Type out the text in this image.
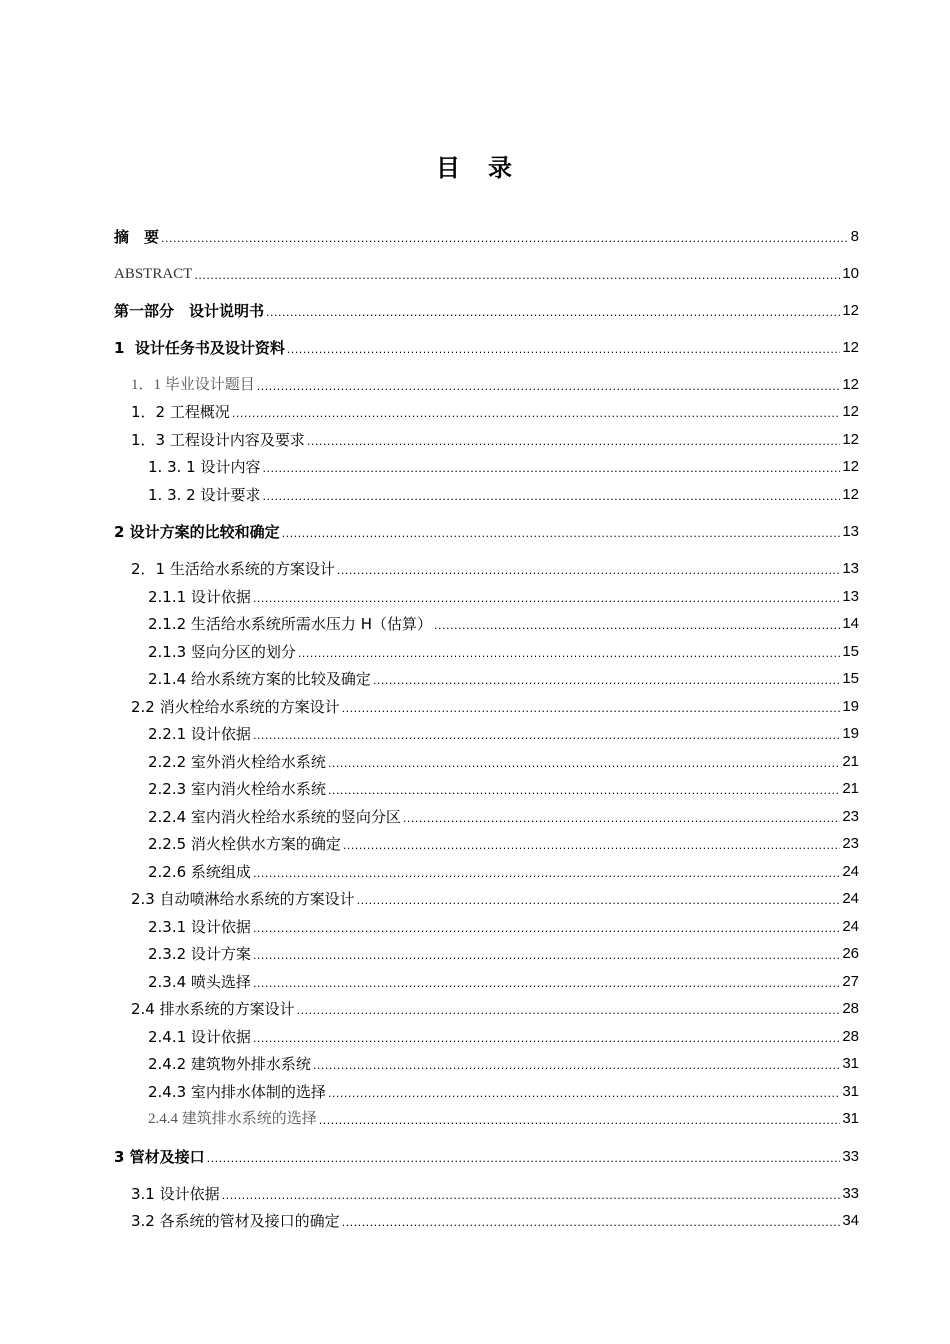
目　录
摘　要 .....	8
ABSTRACT .....	10
第一部分　设计说明书 .....	12
1  设计任务书及设计资料 .....	12
1．1 毕业设计题目 .....	12
1．2 工程概况 .....	12
1．3 工程设计内容及要求 .....	12
1. 3. 1 设计内容 .....	12
1. 3. 2 设计要求 .....	12
2 设计方案的比较和确定 .....	13
2．1 生活给水系统的方案设计 .....	13
2.1.1 设计依据 .....	13
2.1.2 生活给水系统所需水压力 H（估算） .....	14
2.1.3 竖向分区的划分 .....	15
2.1.4 给水系统方案的比较及确定 .....	15
2.2 消火栓给水系统的方案设计 .....	19
2.2.1 设计依据 .....	19
2.2.2 室外消火栓给水系统 .....	21
2.2.3 室内消火栓给水系统 .....	21
2.2.4 室内消火栓给水系统的竖向分区 .....	23
2.2.5 消火栓供水方案的确定 .....	23
2.2.6 系统组成 .....	24
2.3 自动喷淋给水系统的方案设计 .....	24
2.3.1 设计依据 .....	24
2.3.2 设计方案 .....	26
2.3.4 喷头选择 .....	27
2.4 排水系统的方案设计 .....	28
2.4.1 设计依据 .....	28
2.4.2 建筑物外排水系统 .....	31
2.4.3 室内排水体制的选择 .....	31
2.4.4 建筑排水系统的选择 .....	31
3 管材及接口 .....	33
3.1 设计依据 .....	33
3.2 各系统的管材及接口的确定 .....	34
